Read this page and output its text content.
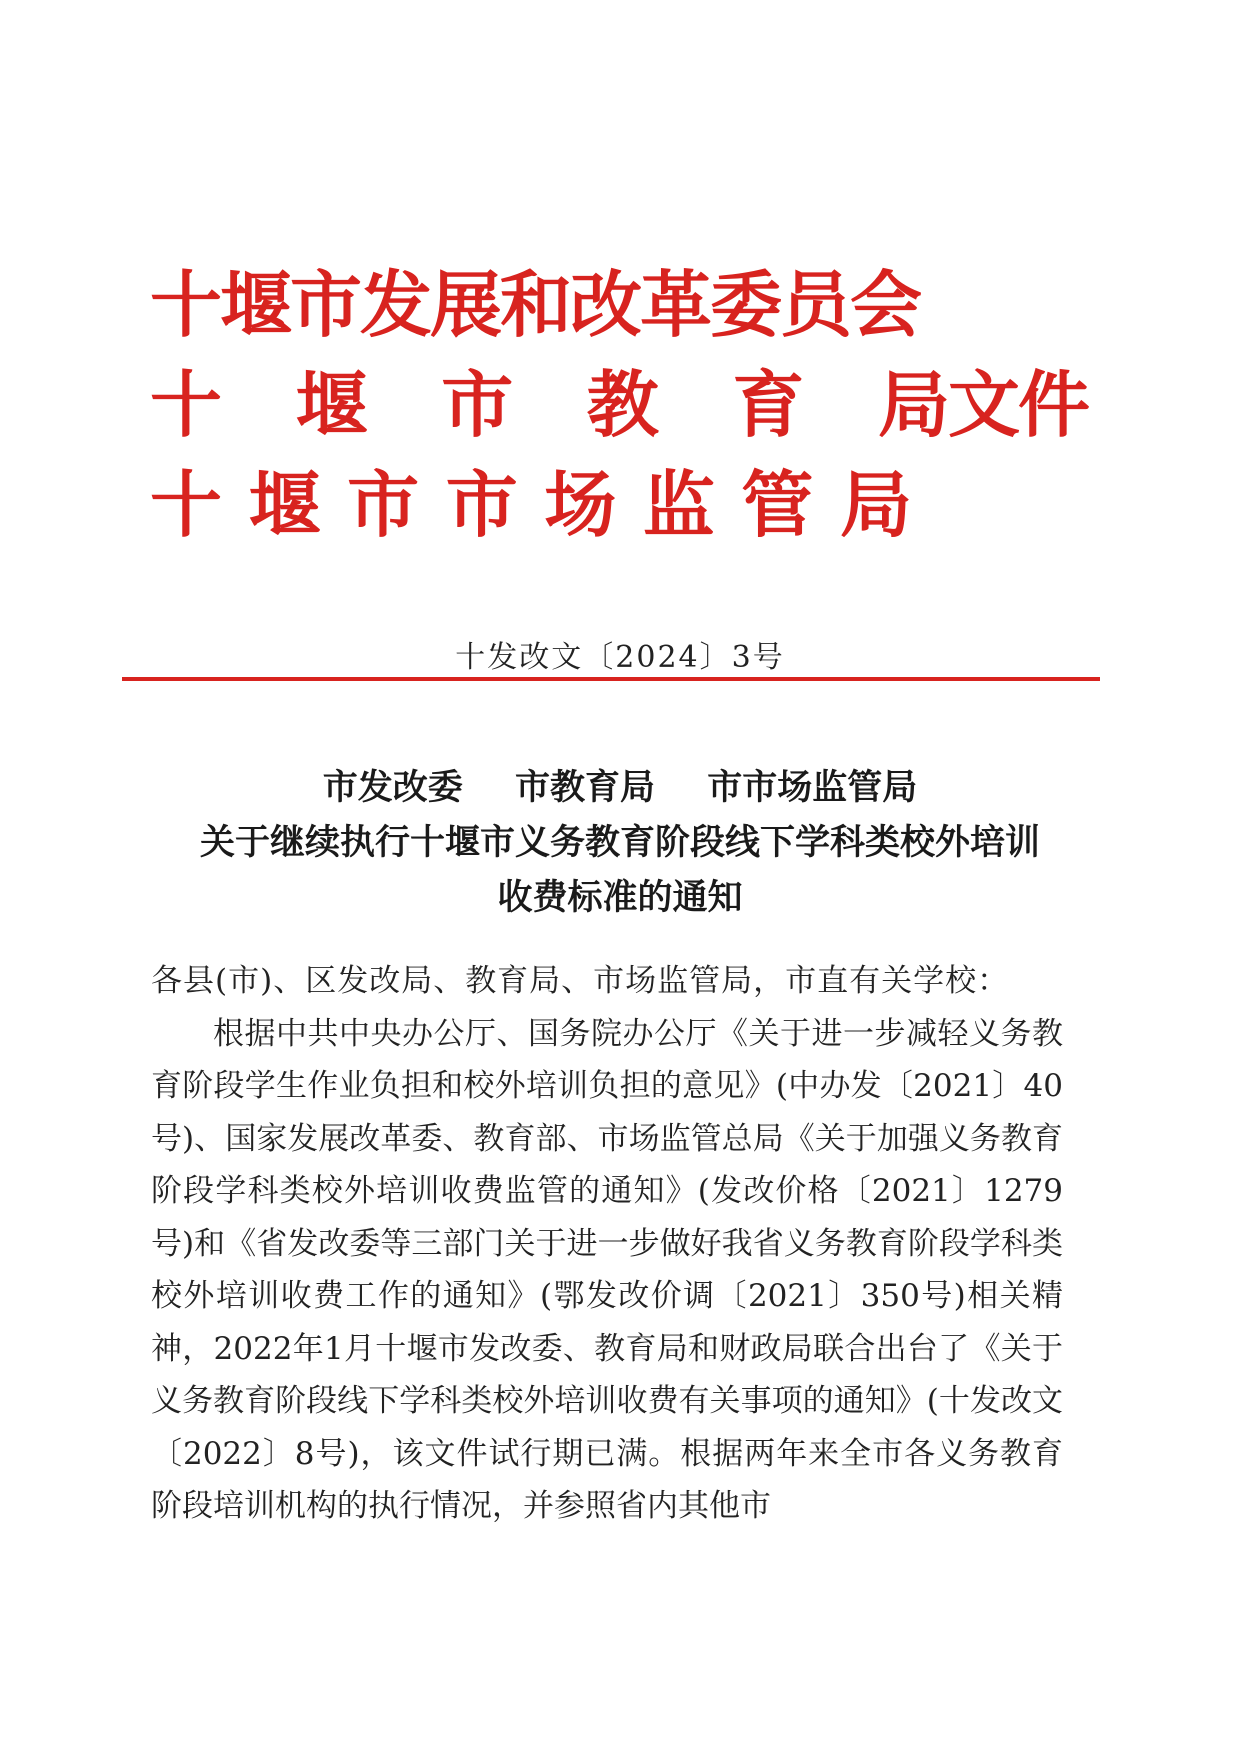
十堰市发展和改革委员会
十 堰 市 教 育 局文件
十 堰 市 市 场 监 管 局
十发改文〔2024〕3号
市发改委 市教育局 市市场监管局
关于继续执行十堰市义务教育阶段线下学科类校外培训
收费标准的通知

各县(市)、区发改局、教育局、市场监管局，市直有关学校：

根据中共中央办公厅、国务院办公厅《关于进一步减轻义务教育阶段学生作业负担和校外培训负担的意见》(中办发〔2021〕40号)、国家发展改革委、教育部、市场监管总局《关于加强义务教育阶段学科类校外培训收费监管的通知》(发改价格〔2021〕1279号)和《省发改委等三部门关于进一步做好我省义务教育阶段学科类校外培训收费工作的通知》(鄂发改价调〔2021〕350号)相关精神，2022年1月十堰市发改委、教育局和财政局联合出台了《关于义务教育阶段线下学科类校外培训收费有关事项的通知》(十发改文〔2022〕8号)，该文件试行期已满。根据两年来全市各义务教育阶段培训机构的执行情况，并参照省内其他市
